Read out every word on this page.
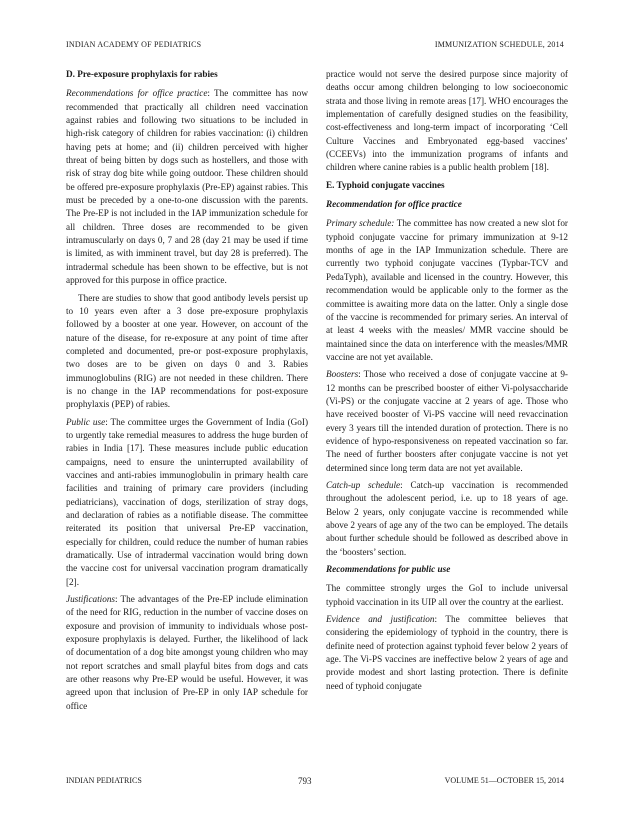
INDIAN ACADEMY OF PEDIATRICS	IMMUNIZATION SCHEDULE, 2014

D. Pre-exposure prophylaxis for rabies

Recommendations for office practice: The committee has now recommended that practically all children need vaccination against rabies and following two situations to be included in high-risk category of children for rabies vaccination: (i) children having pets at home; and (ii) children perceived with higher threat of being bitten by dogs such as hostellers, and those with risk of stray dog bite while going outdoor. These children should be offered pre-exposure prophylaxis (Pre-EP) against rabies. This must be preceded by a one-to-one discussion with the parents. The Pre-EP is not included in the IAP immunization schedule for all children. Three doses are recommended to be given intramuscularly on days 0, 7 and 28 (day 21 may be used if time is limited, as with imminent travel, but day 28 is preferred). The intradermal schedule has been shown to be effective, but is not approved for this purpose in office practice.

There are studies to show that good antibody levels persist up to 10 years even after a 3 dose pre-exposure prophylaxis followed by a booster at one year. However, on account of the nature of the disease, for re-exposure at any point of time after completed and documented, pre-or post-exposure prophylaxis, two doses are to be given on days 0 and 3. Rabies immunoglobulins (RIG) are not needed in these children. There is no change in the IAP recommendations for post-exposure prophylaxis (PEP) of rabies.

Public use: The committee urges the Government of India (GoI) to urgently take remedial measures to address the huge burden of rabies in India [17]. These measures include public education campaigns, need to ensure the uninterrupted availability of vaccines and anti-rabies immunoglobulin in primary health care facilities and training of primary care providers (including pediatricians), vaccination of dogs, sterilization of stray dogs, and declaration of rabies as a notifiable disease. The committee reiterated its position that universal Pre-EP vaccination, especially for children, could reduce the number of human rabies dramatically. Use of intradermal vaccination would bring down the vaccine cost for universal vaccination program dramatically [2].

Justifications: The advantages of the Pre-EP include elimination of the need for RIG, reduction in the number of vaccine doses on exposure and provision of immunity to individuals whose post-exposure prophylaxis is delayed. Further, the likelihood of lack of documentation of a dog bite amongst young children who may not report scratches and small playful bites from dogs and cats are other reasons why Pre-EP would be useful. However, it was agreed upon that inclusion of Pre-EP in only IAP schedule for office

practice would not serve the desired purpose since majority of deaths occur among children belonging to low socioeconomic strata and those living in remote areas [17]. WHO encourages the implementation of carefully designed studies on the feasibility, cost-effectiveness and long-term impact of incorporating ‘Cell Culture Vaccines and Embryonated egg-based vaccines’ (CCEEVs) into the immunization programs of infants and children where canine rabies is a public health problem [18].

E. Typhoid conjugate vaccines

Recommendation for office practice

Primary schedule: The committee has now created a new slot for typhoid conjugate vaccine for primary immunization at 9-12 months of age in the IAP Immunization schedule. There are currently two typhoid conjugate vaccines (Typbar-TCV and PedaTyph), available and licensed in the country. However, this recommendation would be applicable only to the former as the committee is awaiting more data on the latter. Only a single dose of the vaccine is recommended for primary series. An interval of at least 4 weeks with the measles/ MMR vaccine should be maintained since the data on interference with the measles/MMR vaccine are not yet available.

Boosters: Those who received a dose of conjugate vaccine at 9-12 months can be prescribed booster of either Vi-polysaccharide (Vi-PS) or the conjugate vaccine at 2 years of age. Those who have received booster of Vi-PS vaccine will need revaccination every 3 years till the intended duration of protection. There is no evidence of hypo-responsiveness on repeated vaccination so far. The need of further boosters after conjugate vaccine is not yet determined since long term data are not yet available.

Catch-up schedule: Catch-up vaccination is recommended throughout the adolescent period, i.e. up to 18 years of age. Below 2 years, only conjugate vaccine is recommended while above 2 years of age any of the two can be employed. The details about further schedule should be followed as described above in the ‘boosters’ section.

Recommendations for public use

The committee strongly urges the GoI to include universal typhoid vaccination in its UIP all over the country at the earliest.

Evidence and justification: The committee believes that considering the epidemiology of typhoid in the country, there is definite need of protection against typhoid fever below 2 years of age. The Vi-PS vaccines are ineffective below 2 years of age and provide modest and short lasting protection. There is definite need of typhoid conjugate

INDIAN PEDIATRICS	793	VOLUME 51—OCTOBER 15, 2014
